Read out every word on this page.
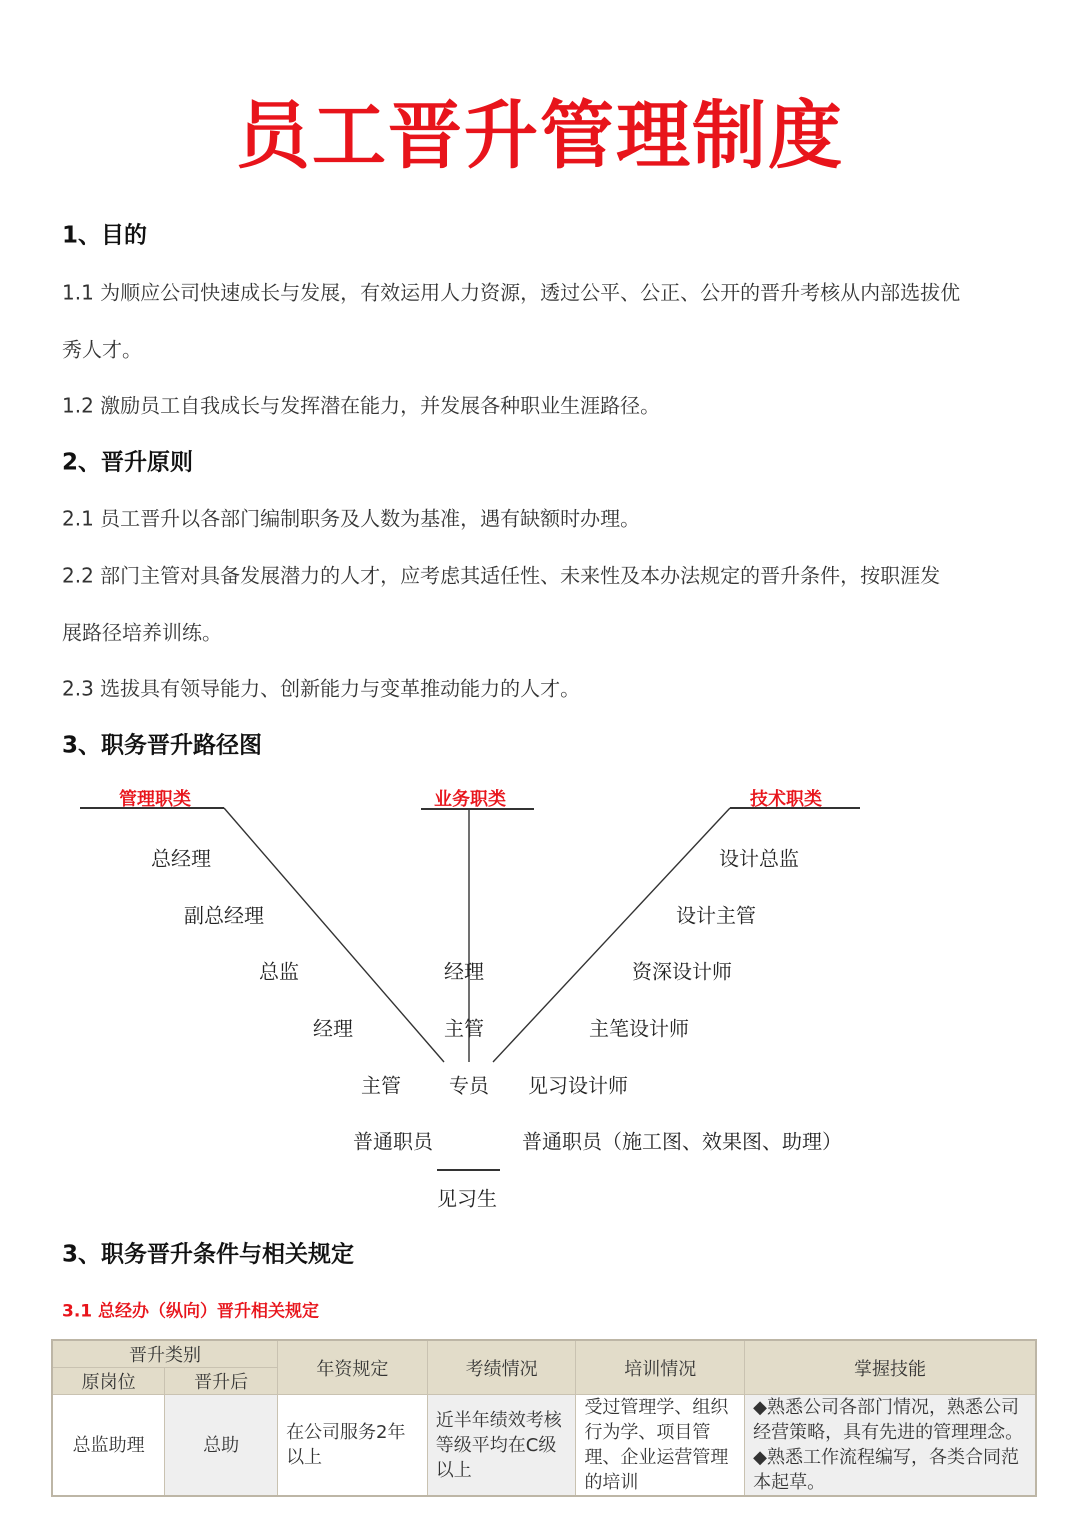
员工晋升管理制度
1、目的
1.1 为顺应公司快速成长与发展，有效运用人力资源，透过公平、公正、公开的晋升考核从内部选拔优
秀人才。
1.2 激励员工自我成长与发挥潜在能力，并发展各种职业生涯路径。
2、晋升原则
2.1 员工晋升以各部门编制职务及人数为基准，遇有缺额时办理。
2.2 部门主管对具备发展潜力的人才，应考虑其适任性、未来性及本办法规定的晋升条件，按职涯发
展路径培养训练。
2.3 选拔具有领导能力、创新能力与变革推动能力的人才。
3、职务晋升路径图
管理职类	业务职类	技术职类
总经理
副总经理
总监
经理
主管
普通职员
经理
主管
专员
设计总监
设计主管
资深设计师
主笔设计师
见习设计师
普通职员（施工图、效果图、助理）
见习生
3、职务晋升条件与相关规定
3.1 总经办（纵向）晋升相关规定
晋升类别		年资规定	考绩情况	培训情况	掌握技能
原岗位	晋升后				
总监助理	总助	在公司服务2年以上	近半年绩效考核等级平均在C级以上	受过管理学、组织行为学、项目管理、企业运营管理的培训	◆熟悉公司各部门情况，熟悉公司经营策略，具有先进的管理理念。
◆熟悉工作流程编写，各类合同范本起草。
